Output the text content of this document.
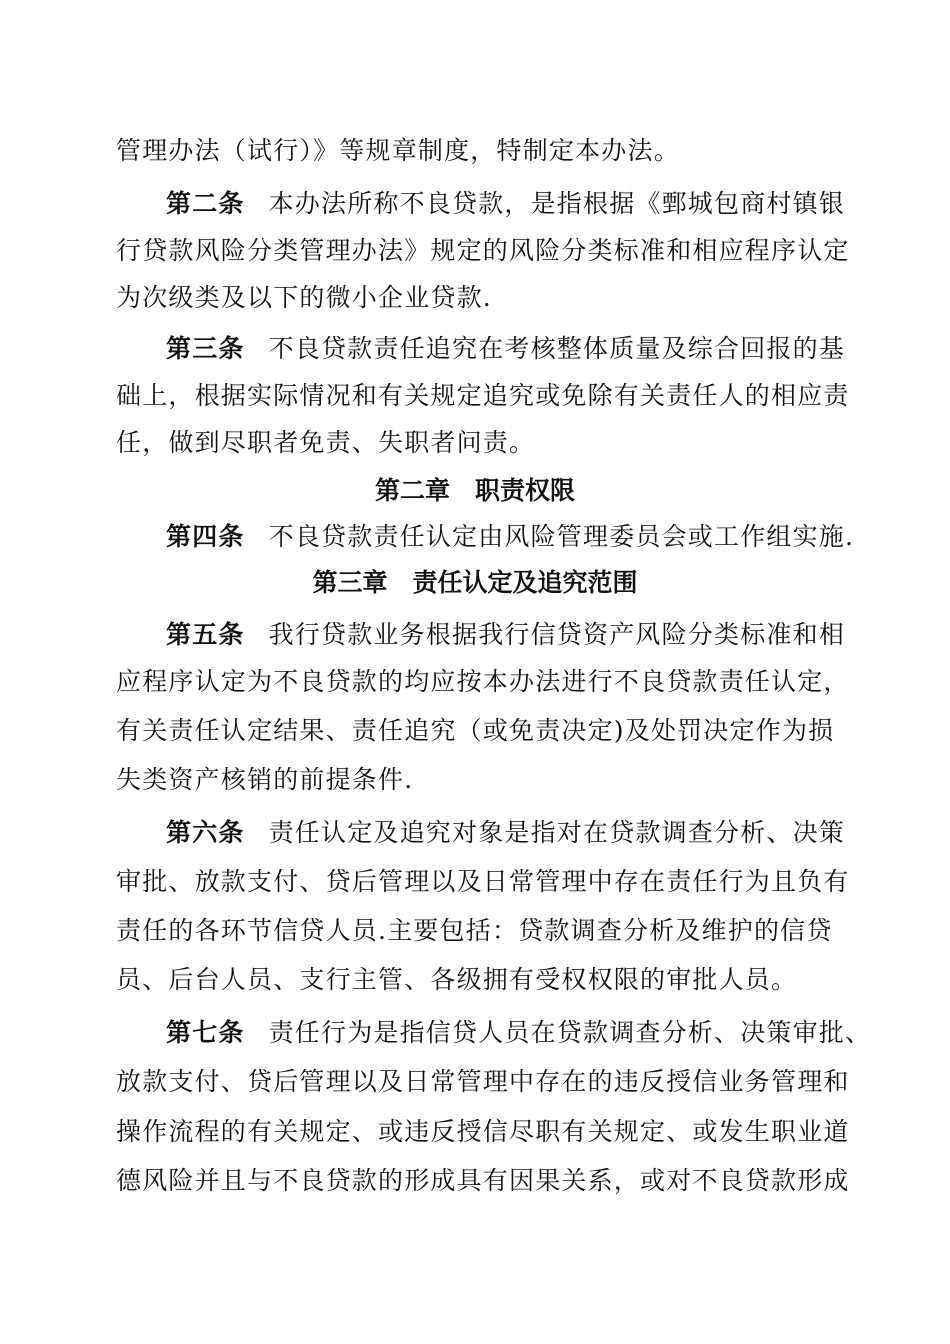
管理办法（试行）》等规章制度，特制定本办法。
第二条 本办法所称不良贷款，是指根据《鄄城包商村镇银
行贷款风险分类管理办法》规定的风险分类标准和相应程序认定
为次级类及以下的微小企业贷款.
第三条 不良贷款责任追究在考核整体质量及综合回报的基
础上，根据实际情况和有关规定追究或免除有关责任人的相应责
任，做到尽职者免责、失职者问责。
第二章　职责权限
第四条 不良贷款责任认定由风险管理委员会或工作组实施.
第三章　责任认定及追究范围
第五条 我行贷款业务根据我行信贷资产风险分类标准和相
应程序认定为不良贷款的均应按本办法进行不良贷款责任认定，
有关责任认定结果、责任追究（或免责决定)及处罚决定作为损
失类资产核销的前提条件.
第六条 责任认定及追究对象是指对在贷款调查分析、决策
审批、放款支付、贷后管理以及日常管理中存在责任行为且负有
责任的各环节信贷人员.主要包括：贷款调查分析及维护的信贷
员、后台人员、支行主管、各级拥有受权权限的审批人员。
第七条 责任行为是指信贷人员在贷款调查分析、决策审批、
放款支付、贷后管理以及日常管理中存在的违反授信业务管理和
操作流程的有关规定、或违反授信尽职有关规定、或发生职业道
德风险并且与不良贷款的形成具有因果关系，或对不良贷款形成
